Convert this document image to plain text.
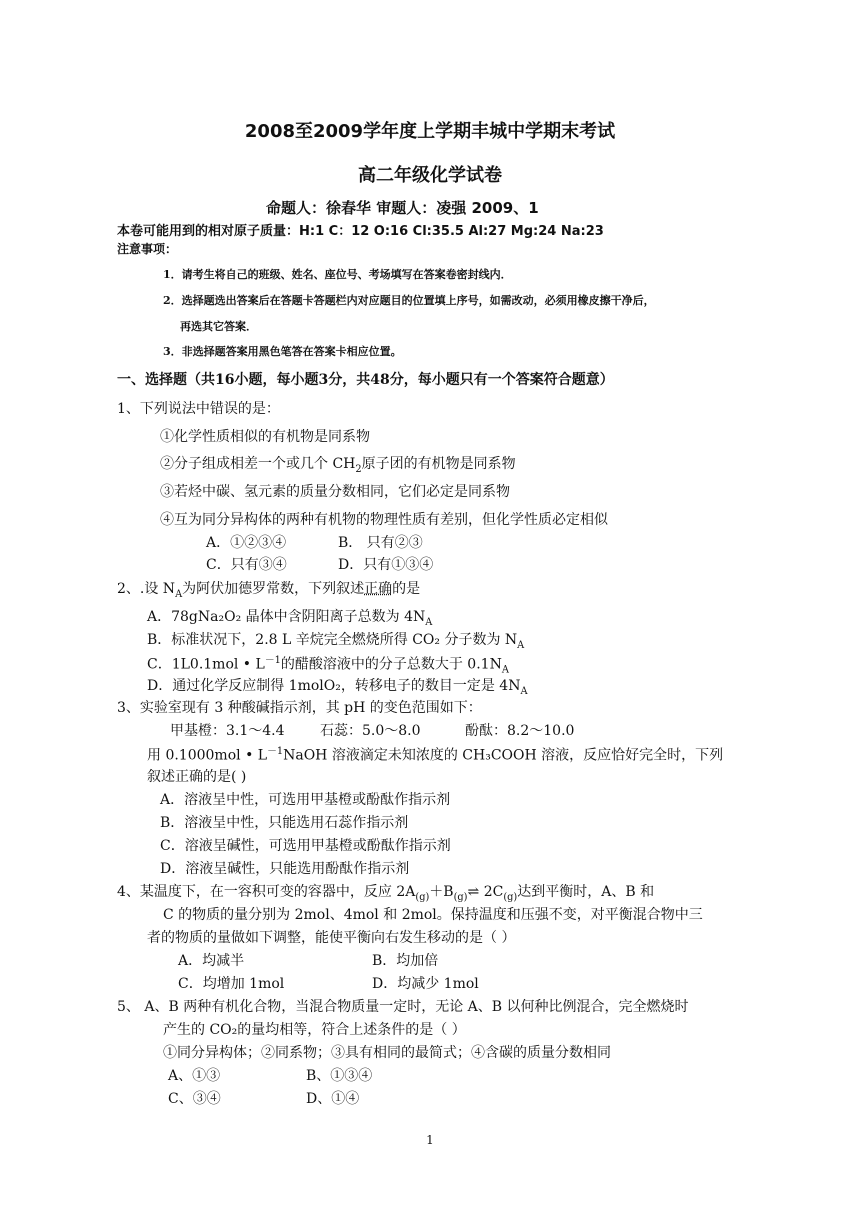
2008至2009学年度上学期丰城中学期末考试
高二年级化学试卷
命题人：徐春华 审题人：凌强 2009、1
本卷可能用到的相对原子质量：H:1 C：12 O:16 Cl:35.5 Al:27 Mg:24 Na:23
注意事项：
1．请考生将自己的班级、姓名、座位号、考场填写在答案卷密封线内．
2．选择题选出答案后在答题卡答题栏内对应题目的位置填上序号，如需改动，必须用橡皮擦干净后，
再选其它答案．
3．非选择题答案用黑色笔答在答案卡相应位置。
一、选择题（共16小题，每小题3分，共48分，每小题只有一个答案符合题意）
1、下列说法中错误的是：
①化学性质相似的有机物是同系物
②分子组成相差一个或几个 $CH_2$原子团的有机物是同系物
③若烃中碳、氢元素的质量分数相同，它们必定是同系物
④互为同分异构体的两种有机物的物理性质有差别，但化学性质必定相似
A．①②③④	B． 只有②③
C．只有③④	D．只有①③④
2、.设 $N_A$为阿伏加德罗常数，下列叙述正确的是
A．78gNa₂O₂ 晶体中含阴阳离子总数为 $4N_A$
B．标准状况下，2.8 L 辛烷完全燃烧所得 CO₂ 分子数为 $N_A$
C．1L0.1mol • $L^{-1}$的醋酸溶液中的分子总数大于 $0.1N_A$
D．通过化学反应制得 1molO₂，转移电子的数目一定是 $4N_A$
3、实验室现有 3 种酸碱指示剂，其 pH 的变色范围如下：
甲基橙：3.1～4.4	石蕊：5.0～8.0	酚酞：8.2～10.0
用 0.1000mol • $L^{-1}NaOH$ 溶液滴定未知浓度的 CH₃COOH 溶液，反应恰好完全时，下列
叙述正确的是( )
A．溶液呈中性，可选用甲基橙或酚酞作指示剂
B．溶液呈中性，只能选用石蕊作指示剂
C．溶液呈碱性，可选用甲基橙或酚酞作指示剂
D．溶液呈碱性，只能选用酚酞作指示剂
4、某温度下，在一容积可变的容器中，反应 $2A_{(g)}+B_{(g)}\rightleftharpoons$ $2C_{(g)}$达到平衡时，A、B 和
C 的物质的量分别为 2mol、4mol 和 2mol。保持温度和压强不变，对平衡混合物中三
者的物质的量做如下调整，能使平衡向右发生移动的是（ ）
A．均减半	B．均加倍
C．均增加 1mol	D．均减少 1mol
5、 A、B 两种有机化合物，当混合物质量一定时，无论 A、B 以何种比例混合，完全燃烧时
产生的 CO₂的量均相等，符合上述条件的是（ ）
①同分异构体；②同系物；③具有相同的最简式；④含碳的质量分数相同
A、①③	B、①③④
C、③④	D、①④
1
